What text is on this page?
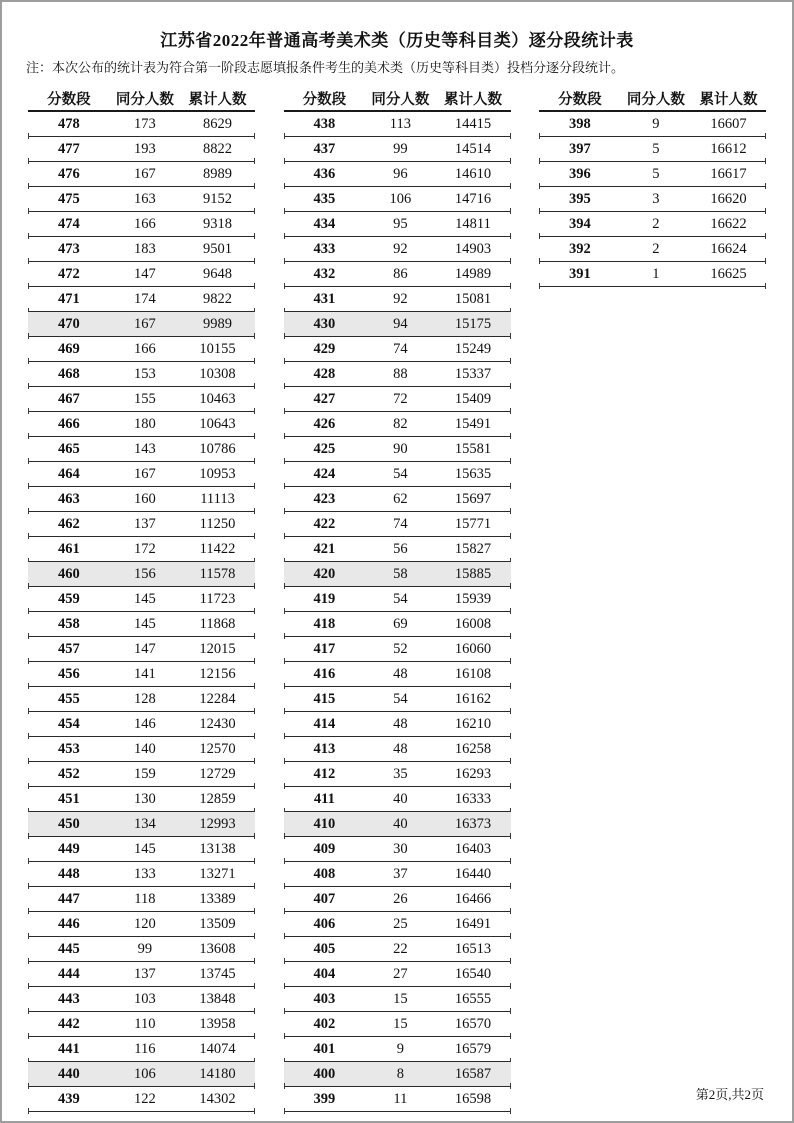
江苏省2022年普通高考美术类（历史等科目类）逐分段统计表

注：本次公布的统计表为符合第一阶段志愿填报条件考生的美术类（历史等科目类）投档分逐分段统计。

分数段	同分人数	累计人数
478	173	8629
477	193	8822
476	167	8989
475	163	9152
474	166	9318
473	183	9501
472	147	9648
471	174	9822
470	167	9989
469	166	10155
468	153	10308
467	155	10463
466	180	10643
465	143	10786
464	167	10953
463	160	11113
462	137	11250
461	172	11422
460	156	11578
459	145	11723
458	145	11868
457	147	12015
456	141	12156
455	128	12284
454	146	12430
453	140	12570
452	159	12729
451	130	12859
450	134	12993
449	145	13138
448	133	13271
447	118	13389
446	120	13509
445	99	13608
444	137	13745
443	103	13848
442	110	13958
441	116	14074
440	106	14180
439	122	14302
分数段	同分人数	累计人数
438	113	14415
437	99	14514
436	96	14610
435	106	14716
434	95	14811
433	92	14903
432	86	14989
431	92	15081
430	94	15175
429	74	15249
428	88	15337
427	72	15409
426	82	15491
425	90	15581
424	54	15635
423	62	15697
422	74	15771
421	56	15827
420	58	15885
419	54	15939
418	69	16008
417	52	16060
416	48	16108
415	54	16162
414	48	16210
413	48	16258
412	35	16293
411	40	16333
410	40	16373
409	30	16403
408	37	16440
407	26	16466
406	25	16491
405	22	16513
404	27	16540
403	15	16555
402	15	16570
401	9	16579
400	8	16587
399	11	16598
分数段	同分人数	累计人数
398	9	16607
397	5	16612
396	5	16617
395	3	16620
394	2	16622
392	2	16624
391	1	16625
第2页,共2页
